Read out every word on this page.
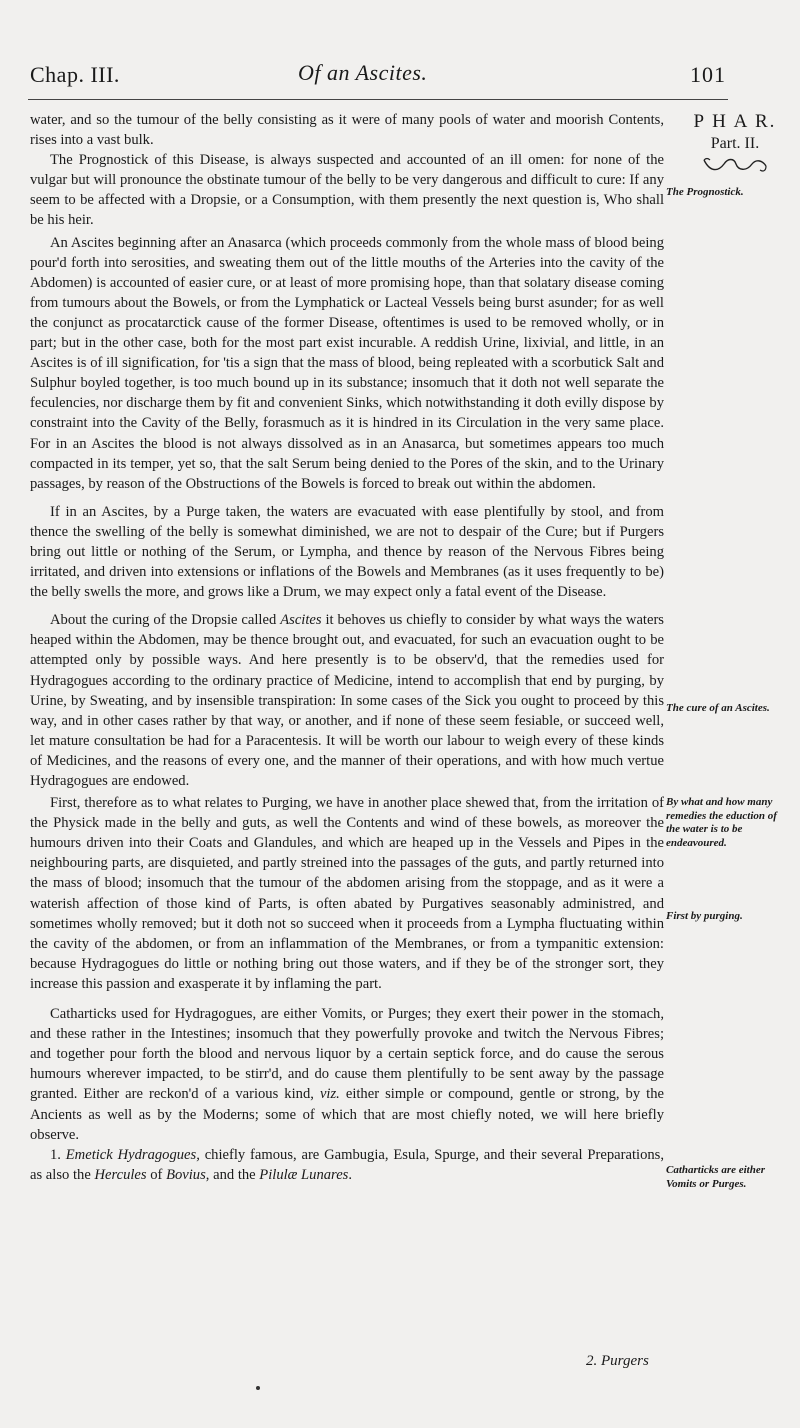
Chap. III.	Of an Ascites.	101
P H A R.
Part. II.
The Prognostick.
The cure of an Ascites.
By what and how many remedies the eduction of the water is to be endeavoured.
First by purging.
Catharticks are either Vomits or Purges.

water, and so the tumour of the belly consisting as it were of many pools of water and moorish Contents, rises into a vast bulk.

The Prognostick of this Disease, is always suspected and accounted of an ill omen: for none of the vulgar but will pronounce the obstinate tumour of the belly to be very dangerous and difficult to cure: If any seem to be affected with a Dropsie, or a Consumption, with them presently the next question is, Who shall be his heir.

An Ascites beginning after an Anasarca (which proceeds commonly from the whole mass of blood being pour'd forth into serosities, and sweating them out of the little mouths of the Arteries into the cavity of the Abdomen) is accounted of easier cure, or at least of more promising hope, than that solatary disease coming from tumours about the Bowels, or from the Lymphatick or Lacteal Vessels being burst asunder; for as well the conjunct as procatarctick cause of the former Disease, oftentimes is used to be removed wholly, or in part; but in the other case, both for the most part exist incurable. A reddish Urine, lixivial, and little, in an Ascites is of ill signification, for 'tis a sign that the mass of blood, being repleated with a scorbutick Salt and Sulphur boyled together, is too much bound up in its substance; insomuch that it doth not well separate the feculencies, nor discharge them by fit and convenient Sinks, which notwithstanding it doth evilly dispose by constraint into the Cavity of the Belly, forasmuch as it is hindred in its Circulation in the very same place. For in an Ascites the blood is not always dissolved as in an Anasarca, but sometimes appears too much compacted in its temper, yet so, that the salt Serum being denied to the Pores of the skin, and to the Urinary passages, by reason of the Obstructions of the Bowels is forced to break out within the abdomen.

If in an Ascites, by a Purge taken, the waters are evacuated with ease plentifully by stool, and from thence the swelling of the belly is somewhat diminished, we are not to despair of the Cure; but if Purgers bring out little or nothing of the Serum, or Lympha, and thence by reason of the Nervous Fibres being irritated, and driven into extensions or inflations of the Bowels and Membranes (as it uses frequently to be) the belly swells the more, and grows like a Drum, we may expect only a fatal event of the Disease.

About the curing of the Dropsie called Ascites it behoves us chiefly to consider by what ways the waters heaped within the Abdomen, may be thence brought out, and evacuated, for such an evacuation ought to be attempted only by possible ways. And here presently is to be observ'd, that the remedies used for Hydragogues according to the ordinary practice of Medicine, intend to accomplish that end by purging, by Urine, by Sweating, and by insensible transpiration: In some cases of the Sick you ought to proceed by this way, and in other cases rather by that way, or another, and if none of these seem fesiable, or succeed well, let mature consultation be had for a Paracentesis. It will be worth our labour to weigh every of these kinds of Medicines, and the reasons of every one, and the manner of their operations, and with how much vertue Hydragogues are endowed.

First, therefore as to what relates to Purging, we have in another place shewed that, from the irritation of the Physick made in the belly and guts, as well the Contents and wind of these bowels, as moreover the humours driven into their Coats and Glandules, and which are heaped up in the Vessels and Pipes in the neighbouring parts, are disquieted, and partly streined into the passages of the guts, and partly returned into the mass of blood; insomuch that the tumour of the abdomen arising from the stoppage, and as it were a waterish affection of those kind of Parts, is often abated by Purgatives seasonably administred, and sometimes wholly removed; but it doth not so succeed when it proceeds from a Lympha fluctuating within the cavity of the abdomen, or from an inflammation of the Membranes, or from a tympanitic extension: because Hydragogues do little or nothing bring out those waters, and if they be of the stronger sort, they increase this passion and exasperate it by inflaming the part.

Catharticks used for Hydragogues, are either Vomits, or Purges; they exert their power in the stomach, and these rather in the Intestines; insomuch that they powerfully provoke and twitch the Nervous Fibres; and together pour forth the blood and nervous liquor by a certain septick force, and do cause the serous humours wherever impacted, to be stirr'd, and do cause them plentifully to be sent away by the passage granted. Either are reckon'd of a various kind, viz. either simple or compound, gentle or strong, by the Ancients as well as by the Moderns; some of which that are most chiefly noted, we will here briefly observe.

1. Emetick Hydragogues, chiefly famous, are Gambugia, Esula, Spurge, and their several Preparations, as also the Hercules of Bovius, and the Pilulæ Lunares.

2. Purgers
